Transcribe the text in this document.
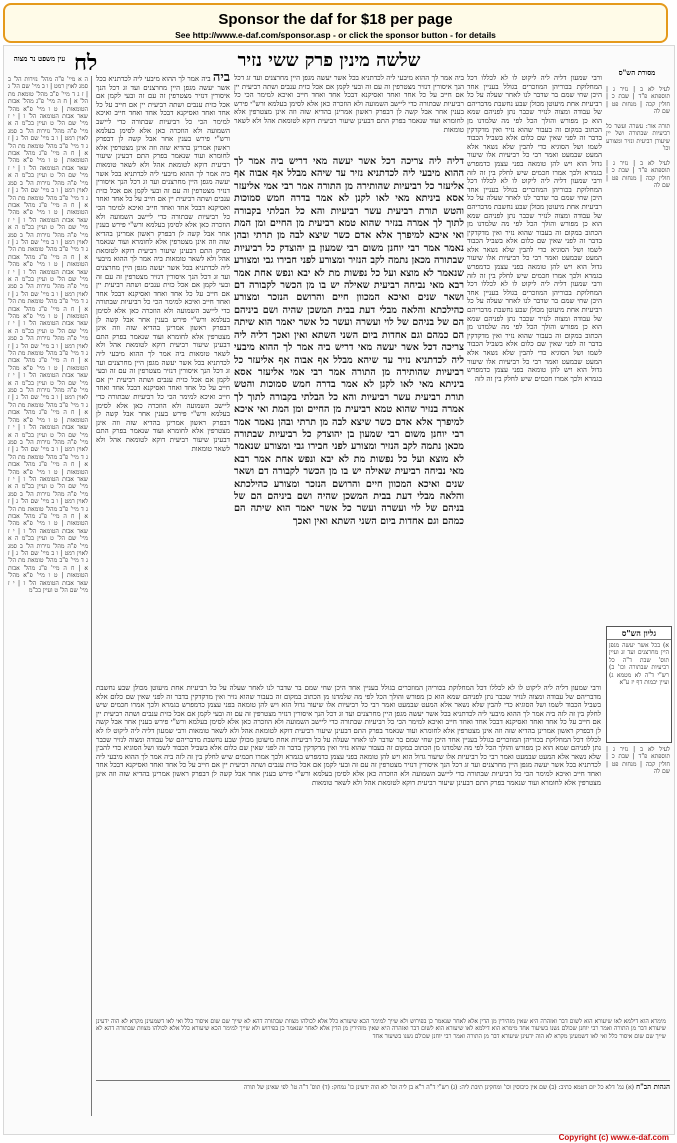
Sponsor the daf for $18 per page
See http://www.e-daf.com/sponsor.asp - or click the sponsor button - for details
לח	שלשה מינין פרק ששי נזיר
עין משפט נר מצוה
מסורת הש"ס
ה א מיי' פ"ה מהל' נזירות הל' ב סמג לאוין רמט | ו ב מיי' שם הל' ג | ז ג ד מיי' פ"ב מהל' טומאת מת הל' א | ח ה מיי' פ"ג מהל' אבות הטומאות | ט ו מיי' פ"א מהל' שאר אבות הטומאה הל' ז | י ז מיי' שם הל' ט ועיין בכ"מ ה א מיי' פ"ה מהל' נזירות הל' ב סמג לאוין רמט | ו ב מיי' שם הל' ג | ז ג ד מיי' פ"ב מהל' טומאת מת הל' א | ח ה מיי' פ"ג מהל' אבות הטומאות | ט ו מיי' פ"א מהל' שאר אבות הטומאה הל' ז | י ז מיי' שם הל' ט ועיין בכ"מ ה א מיי' פ"ה מהל' נזירות הל' ב סמג לאוין רמט | ו ב מיי' שם הל' ג | ז ג ד מיי' פ"ב מהל' טומאת מת הל' א | ח ה מיי' פ"ג מהל' אבות הטומאות | ט ו מיי' פ"א מהל' שאר אבות הטומאה הל' ז | י ז מיי' שם הל' ט ועיין בכ"מ ה א מיי' פ"ה מהל' נזירות הל' ב סמג לאוין רמט | ו ב מיי' שם הל' ג | ז ג ד מיי' פ"ב מהל' טומאת מת הל' א | ח ה מיי' פ"ג מהל' אבות הטומאות | ט ו מיי' פ"א מהל' שאר אבות הטומאה הל' ז | י ז מיי' שם הל' ט ועיין בכ"מ ה א מיי' פ"ה מהל' נזירות הל' ב סמג לאוין רמט | ו ב מיי' שם הל' ג | ז ג ד מיי' פ"ב מהל' טומאת מת הל' א | ח ה מיי' פ"ג מהל' אבות הטומאות | ט ו מיי' פ"א מהל' שאר אבות הטומאה הל' ז | י ז מיי' שם הל' ט ועיין בכ"מ ה א מיי' פ"ה מהל' נזירות הל' ב סמג לאוין רמט | ו ב מיי' שם הל' ג | ז ג ד מיי' פ"ב מהל' טומאת מת הל' א | ח ה מיי' פ"ג מהל' אבות הטומאות | ט ו מיי' פ"א מהל' שאר אבות הטומאה הל' ז | י ז מיי' שם הל' ט ועיין בכ"מ ה א מיי' פ"ה מהל' נזירות הל' ב סמג לאוין רמט | ו ב מיי' שם הל' ג | ז ג ד מיי' פ"ב מהל' טומאת מת הל' א | ח ה מיי' פ"ג מהל' אבות הטומאות | ט ו מיי' פ"א מהל' שאר אבות הטומאה הל' ז | י ז מיי' שם הל' ט ועיין בכ"מ ה א מיי' פ"ה מהל' נזירות הל' ב סמג לאוין רמט | ו ב מיי' שם הל' ג | ז ג ד מיי' פ"ב מהל' טומאת מת הל' א | ח ה מיי' פ"ג מהל' אבות הטומאות | ט ו מיי' פ"א מהל' שאר אבות הטומאה הל' ז | י ז מיי' שם הל' ט ועיין בכ"מ ה א מיי' פ"ה מהל' נזירות הל' ב סמג לאוין רמט | ו ב מיי' שם הל' ג | ז ג ד מיי' פ"ב מהל' טומאת מת הל' א | ח ה מיי' פ"ג מהל' אבות הטומאות | ט ו מיי' פ"א מהל' שאר אבות הטומאה הל' ז | י ז מיי' שם הל' ט ועיין בכ"מ ה א מיי' פ"ה מהל' נזירות הל' ב סמג לאוין רמט | ו ב מיי' שם הל' ג | ז ג ד מיי' פ"ב מהל' טומאת מת הל' א | ח ה מיי' פ"ג מהל' אבות הטומאות | ט ו מיי' פ"א מהל' שאר אבות הטומאה הל' ז | י ז מיי' שם הל' ט ועיין בכ"מ
ביה ביה אמר לך ההוא מיבעי ליה לכדתניא בכל אשר יעשה מגפן היין מחרצנים ועד זג דכל הנך איסורין דנזיר מצטרפין זה עם זה ובעי לקמן אם אכל כזית ענבים ושתה רביעית יין אם חייב על כל אחד ואחד ואסיקנא דבכל אחד ואחד חייב ואיכא למימר הכי כל רביעיות שבתורה כדי ליישב השמועה ולא הוזכרה כאן אלא לסימן בעלמא ורש"י פירש בענין אחר אבל קשה לן דבפרק ראשון אמרינן בהדיא שזה וזה אינן מצטרפין אלא לחומרא ועוד שנאמר בפרק התם דבעינן שיעור רביעית דוקא לטומאת אהל ולא לשאר טומאות ביה אמר לך ההוא מיבעי ליה לכדתניא בכל אשר יעשה מגפן היין מחרצנים ועד זג דכל הנך איסורין דנזיר מצטרפין זה עם זה ובעי לקמן אם אכל כזית ענבים ושתה רביעית יין אם חייב על כל אחד ואחד ואסיקנא דבכל אחד ואחד חייב ואיכא למימר הכי כל רביעיות שבתורה כדי ליישב השמועה ולא הוזכרה כאן אלא לסימן בעלמא ורש"י פירש בענין אחר אבל קשה לן דבפרק ראשון אמרינן בהדיא שזה וזה אינן מצטרפין אלא לחומרא ועוד שנאמר בפרק התם דבעינן שיעור רביעית דוקא לטומאת אהל ולא לשאר טומאות ביה אמר לך ההוא מיבעי ליה לכדתניא בכל אשר יעשה מגפן היין מחרצנים ועד זג דכל הנך איסורין דנזיר מצטרפין זה עם זה ובעי לקמן אם אכל כזית ענבים ושתה רביעית יין אם חייב על כל אחד ואחד ואסיקנא דבכל אחד ואחד חייב ואיכא למימר הכי כל רביעיות שבתורה כדי ליישב השמועה ולא הוזכרה כאן אלא לסימן בעלמא ורש"י פירש בענין אחר אבל קשה לן דבפרק ראשון אמרינן בהדיא שזה וזה אינן מצטרפין אלא לחומרא ועוד שנאמר בפרק התם דבעינן שיעור רביעית דוקא לטומאת אהל ולא לשאר טומאות ביה אמר לך ההוא מיבעי ליה לכדתניא בכל אשר יעשה מגפן היין מחרצנים ועד זג דכל הנך איסורין דנזיר מצטרפין זה עם זה ובעי לקמן אם אכל כזית ענבים ושתה רביעית יין אם חייב על כל אחד ואחד ואסיקנא דבכל אחד ואחד חייב ואיכא למימר הכי כל רביעיות שבתורה כדי ליישב השמועה ולא הוזכרה כאן אלא לסימן בעלמא ורש"י פירש בענין אחר אבל קשה לן דבפרק ראשון אמרינן בהדיא שזה וזה אינן מצטרפין אלא לחומרא ועוד שנאמר בפרק התם דבעינן שיעור רביעית דוקא לטומאת אהל ולא לשאר טומאות
דליה ליה צריכה דכל אשר יעשה מאי דריש ביה אמר לך ההוא מיבעי ליה לכדתניא נזיר עד שיהא מבלל אף אבוה אף אליעזר כל רביעיות שהותירה מן התורה אמר רבי אמי אליעזר אסא ביניתא מאי לאו לקנן לא אמר בדרה חמש סמוכות והטש תורת רביעית עשר רביעיות והא כל הבלתי בקבורה לתוך לך אמרה בנזיר שהוא טמא רביעית מן החיים ומן המת ואי איכא למיפרך אלא אדם כשר שיצא לבה מן תרתי ובהן נאמר אמר רבי יוחנן משום רבי שמעון בן יהוצדק כל רביעיות שבתורה מכאן נתמה לקב הנזיר ומצורע לפני חבירו גבי ומצורע שנאמר לא מוצא ועל כל נפשות מת לא יבא ונפש אחת אמר רבא מאי נביחה רביעית שאילה יש בו מן הכשר לקבורה דם ושאר שנים ואיכא המכוון חיים והרושם הנזכר ומצורע כהילכתא והלאה מבלי דעת בבית המשכן שהיה ושם ביניהם הם של בניהם של לוי ועשרה ועשר כל אשר יאמר הוא שיתה הם כמהם וגם אחדות ביום השני השתא ואין ואכך דליה ליה צריכה דכל אשר יעשה מאי דריש ביה אמר לך ההוא מיבעי ליה לכדתניא נזיר עד שיהא מבלל אף אבוה אף אליעזר כל רביעיות שהותירה מן התורה אמר רבי אמי אליעזר אסא ביניתא מאי לאו לקנן לא אמר בדרה חמש סמוכות והטש תורת רביעית עשר רביעיות והא כל הבלתי בקבורה לתוך לך אמרה בנזיר שהוא טמא רביעית מן החיים ומן המת ואי איכא למיפרך אלא אדם כשר שיצא לבה מן תרתי ובהן נאמר אמר רבי יוחנן משום רבי שמעון בן יהוצדק כל רביעיות שבתורה מכאן נתמה לקב הנזיר ומצורע לפני חבירו גבי ומצורע שנאמר לא מוצא ועל כל נפשות מת לא יבא ונפש אחת אמר רבא מאי נביחה רביעית שאילה יש בו מן הכשר לקבורה דם ושאר שנים ואיכא המכוון חיים והרושם הנזכר ומצורע כהילכתא והלאה מבלי דעת בבית המשכן שהיה ושם ביניהם הם של בניהם של לוי ועשרה ועשר כל אשר יאמר הוא שיתה הם כמהם וגם אחדות ביום השני השתא ואין ואכך
ביה אמר לך ההוא מיבעי ליה לכדתניא בכל אשר יעשה מגפן היין מחרצנים ועד זג דכל הנך איסורין דנזיר מצטרפין זה עם זה ובעי לקמן אם אכל כזית ענבים ושתה רביעית יין אם חייב על כל אחד ואחד ואסיקנא דבכל אחד ואחד חייב ואיכא למימר הכי כל רביעיות שבתורה כדי ליישב השמועה ולא הוזכרה כאן אלא לסימן בעלמא ורש"י פירש בענין אחר אבל קשה לן דבפרק ראשון אמרינן בהדיא שזה וזה אינן מצטרפין אלא לחומרא ועוד שנאמר בפרק התם דבעינן שיעור רביעית דוקא לטומאת אהל ולא לשאר טומאות
ורבי שמעון דליה ליה ליקוט לו לא לכללו דכל המחלוקת בכוריהן המוזכרים בגולל בעניין אחד היכן שחי שמם בר שדבר לנו לאחר שעלה על כל רביעיות אחת מיעוטן מכולן שבע נחשבת מדבריהם של עבודה ומצוה לנזיר שכבר נתן לפניהם שמא הוא כן מפורש והולך הכל לפי מה שלמדנו מן הכתוב במקום זה בעבור שהוא נזיר ואין מדקדקין בדבר זה לפני שאין שם כלום אלא בשביל הכבוד לשמו ושל הסוגיא כדי להבין שלא נשאר אלא המעט שבמעט ואמר רבי כל רביעיות אלו שיעור גדול הוא ויש להן טומאה בפני עצמן כדמפרש בגמרא ולכך אמרו חכמים שיש לחלק בין זה לזה ורבי שמעון דליה ליה ליקוט לו לא לכללו דכל המחלוקת בכוריהן המוזכרים בגולל בעניין אחד היכן שחי שמם בר שדבר לנו לאחר שעלה על כל רביעיות אחת מיעוטן מכולן שבע נחשבת מדבריהם של עבודה ומצוה לנזיר שכבר נתן לפניהם שמא הוא כן מפורש והולך הכל לפי מה שלמדנו מן הכתוב במקום זה בעבור שהוא נזיר ואין מדקדקין בדבר זה לפני שאין שם כלום אלא בשביל הכבוד לשמו ושל הסוגיא כדי להבין שלא נשאר אלא המעט שבמעט ואמר רבי כל רביעיות אלו שיעור גדול הוא ויש להן טומאה בפני עצמן כדמפרש בגמרא ולכך אמרו חכמים שיש לחלק בין זה לזה ורבי שמעון דליה ליה ליקוט לו לא לכללו דכל המחלוקת בכוריהן המוזכרים בגולל בעניין אחד היכן שחי שמם בר שדבר לנו לאחר שעלה על כל רביעיות אחת מיעוטן מכולן שבע נחשבת מדבריהם של עבודה ומצוה לנזיר שכבר נתן לפניהם שמא הוא כן מפורש והולך הכל לפי מה שלמדנו מן הכתוב במקום זה בעבור שהוא נזיר ואין מדקדקין בדבר זה לפני שאין שם כלום אלא בשביל הכבוד לשמו ושל הסוגיא כדי להבין שלא נשאר אלא המעט שבמעט ואמר רבי כל רביעיות אלו שיעור גדול הוא ויש להן טומאה בפני עצמן כדמפרש בגמרא ולכך אמרו חכמים שיש לחלק בין זה לזה
לעיל לא ב | נזיר ג | תוספתא פ"ד | שבת כ | חולין קכה | מנחות פט | שם לה

תורה אור: עשרה ועשר כל רביעיות שבתורה ושל יין שיעורן רביעית ונזיר ומצורע וכו'

לעיל לא ב | נזיר ג | תוספתא פ"ד | שבת כ | חולין קכה | מנחות פט | שם לה
גליון הש"ס
א) בכל אשר יעשה מגפן היין מחרצנים ועד זג ועיין תוס' שבת ד"ה כל רביעיות שבתורה וכו' ב) רש"י ד"ה לא מטמא ג) ועיין יבמות דף יז ע"א
לעיל לא ב | נזיר ג | תוספתא פ"ד | שבת כ | חולין קכה | מנחות פט | שם לה
ורבי שמעון דליה ליה ליקוט לו לא לכללו דכל המחלוקת בכוריהן המוזכרים בגולל בעניין אחד היכן שחי שמם בר שדבר לנו לאחר שעלה על כל רביעיות אחת מיעוטן מכולן שבע נחשבת מדבריהם של עבודה ומצוה לנזיר שכבר נתן לפניהם שמא הוא כן מפורש והולך הכל לפי מה שלמדנו מן הכתוב במקום זה בעבור שהוא נזיר ואין מדקדקין בדבר זה לפני שאין שם כלום אלא בשביל הכבוד לשמו ושל הסוגיא כדי להבין שלא נשאר אלא המעט שבמעט ואמר רבי כל רביעיות אלו שיעור גדול הוא ויש להן טומאה בפני עצמן כדמפרש בגמרא ולכך אמרו חכמים שיש לחלק בין זה לזה ביה אמר לך ההוא מיבעי ליה לכדתניא בכל אשר יעשה מגפן היין מחרצנים ועד זג דכל הנך איסורין דנזיר מצטרפין זה עם זה ובעי לקמן אם אכל כזית ענבים ושתה רביעית יין אם חייב על כל אחד ואחד ואסיקנא דבכל אחד ואחד חייב ואיכא למימר הכי כל רביעיות שבתורה כדי ליישב השמועה ולא הוזכרה כאן אלא לסימן בעלמא ורש"י פירש בענין אחר אבל קשה לן דבפרק ראשון אמרינן בהדיא שזה וזה אינן מצטרפין אלא לחומרא ועוד שנאמר בפרק התם דבעינן שיעור רביעית דוקא לטומאת אהל ולא לשאר טומאות ורבי שמעון דליה ליה ליקוט לו לא לכללו דכל המחלוקת בכוריהן המוזכרים בגולל בעניין אחד היכן שחי שמם בר שדבר לנו לאחר שעלה על כל רביעיות אחת מיעוטן מכולן שבע נחשבת מדבריהם של עבודה ומצוה לנזיר שכבר נתן לפניהם שמא הוא כן מפורש והולך הכל לפי מה שלמדנו מן הכתוב במקום זה בעבור שהוא נזיר ואין מדקדקין בדבר זה לפני שאין שם כלום אלא בשביל הכבוד לשמו ושל הסוגיא כדי להבין שלא נשאר אלא המעט שבמעט ואמר רבי כל רביעיות אלו שיעור גדול הוא ויש להן טומאה בפני עצמן כדמפרש בגמרא ולכך אמרו חכמים שיש לחלק בין זה לזה ביה אמר לך ההוא מיבעי ליה לכדתניא בכל אשר יעשה מגפן היין מחרצנים ועד זג דכל הנך איסורין דנזיר מצטרפין זה עם זה ובעי לקמן אם אכל כזית ענבים ושתה רביעית יין אם חייב על כל אחד ואחד ואסיקנא דבכל אחד ואחד חייב ואיכא למימר הכי כל רביעיות שבתורה כדי ליישב השמועה ולא הוזכרה כאן אלא לסימן בעלמא ורש"י פירש בענין אחר אבל קשה לן דבפרק ראשון אמרינן בהדיא שזה וזה אינן מצטרפין אלא לחומרא ועוד שנאמר בפרק התם דבעינן שיעור רביעית דוקא לטומאת אהל ולא לשאר טומאות
מימרא הוא דילמא לאו שיעורא הוא לשום דבר ואזהרה היא שאין מזהירין מן הדין אלא לאחר שנאמר כן בפירוש ולא שייך למימר הכא שיעורא כלל אלא לכולהו מצוות שבתורה דהא לא שייך שם שום איסור כלל ואי לאו דשמעינן מקרא לא הוה ידעינן שיעורא דבר מן התורה ואמר רבי יוחנן שכולם נשנו בשיעור אחד מימרא הוא דילמא לאו שיעורא הוא לשום דבר ואזהרה היא שאין מזהירין מן הדין אלא לאחר שנאמר כן בפירוש ולא שייך למימר הכא שיעורא כלל אלא לכולהו מצוות שבתורה דהא לא שייך שם שום איסור כלל ואי לאו דשמעינן מקרא לא הוה ידעינן שיעורא דבר מן התורה ואמר רבי יוחנן שכולם נשנו בשיעור אחד
הגהות הב"ח (א) גמ' דלא כל יום דטמא כתיב: (ב) שם אין כיבוסין וכו' ומחקינן תיבת ליה: (ג) רש"י ד"ה ר"א בן ליה וכו' לא הוה ידעינן כו' נמחק: (ד) תוס' ד"ה טו' לפי שאינן של תורה
Copyright (c) www.e-daf.com
